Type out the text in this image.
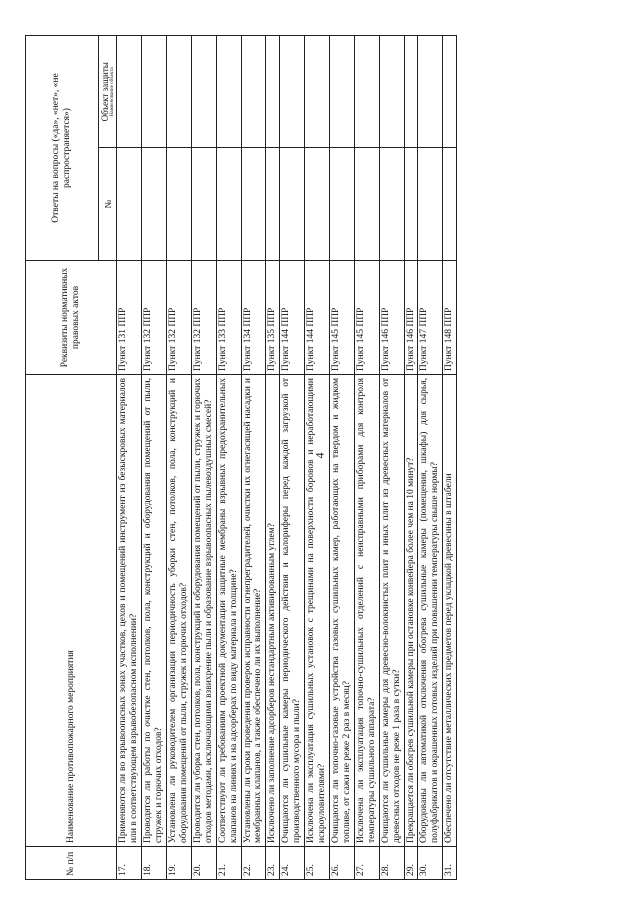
4
№ п/п	Наименование противопожарного мероприятия	Реквизиты нормативных правовых актов	Ответы на вопросы («да», «нет», «не распространяется»)	
			№	Объект защиты Наименование объекта

17.	Применяются ли во взрывоопасных зонах участков, цехов и помещений инструмент из безыскровых материалов или в соответствующем взрывобезопасном исполнении?	Пункт 131 ППР		
18.	Проводятся ли работы по очистке стен, потолков, пола, конструкций и оборудования помещений от пыли, стружек и горючих отходов?	Пункт 132 ППР		
19.	Установлена ли руководителем организации периодичность уборки стен, потолков, пола, конструкций и оборудования помещений от пыли, стружек и горючих отходов?	Пункт 132 ППР		
20.	Проводится ли уборка стен, потолков, пола, конструкций и оборудования помещений от пыли, стружек и горючих отходов методами, исключающими взвихрение пыли и образование взрывоопасных пылевоздушных смесей?	Пункт 132 ППР		
21.	Соответствуют ли требованиям проектной документации защитные мембраны взрывных предохранительных клапанов на линиях и на адсорберах по виду материала и толщине?	Пункт 133 ППР		
22.	Установлены ли сроки проведения проверок исправности огнепреградителей, очистки их огнегасящей насадки и мембранных клапанов, а также обеспечено ли их выполнение?	Пункт 134 ППР		
23.	Исключено ли заполнение адсорберов нестандартным активированным углем?	Пункт 135 ППР		
24.	Очищаются ли сушильные камеры периодического действия и калориферы перед каждой загрузкой от производственного мусора и пыли?	Пункт 144 ППР		
25.	Исключена ли эксплуатация сушильных установок с трещинами на поверхности боровов и неработающими искроуловителями?	Пункт 144 ППР		
26.	Очищаются ли топочно-газовые устройства газовых сушильных камер, работающих на твердом и жидком топливе, от сажи не реже 2 раз в месяц?	Пункт 145 ППР		
27.	Исключена ли эксплуатация топочно-сушильных отделений с неисправными приборами для контроля температуры сушильного аппарата?	Пункт 145 ППР		
28.	Очищаются ли сушильные камеры для древесно-волокнистых плит и иных плит из древесных материалов от древесных отходов не реже 1 раза в сутки?	Пункт 146 ППР		
29.	Прекращается ли обогрев сушильной камеры при остановке конвейера более чем на 10 минут?	Пункт 146 ППР		
30.	Оборудованы ли автоматикой отключения обогрева сушильные камеры (помещения, шкафы) для сырья, полуфабрикатов и окрашенных готовых изделий при повышении температуры свыше нормы?	Пункт 147 ППР		
31.	Обеспечено ли отсутствие металлических предметов перед укладкой древесины в штабели	Пункт 148 ППР		
